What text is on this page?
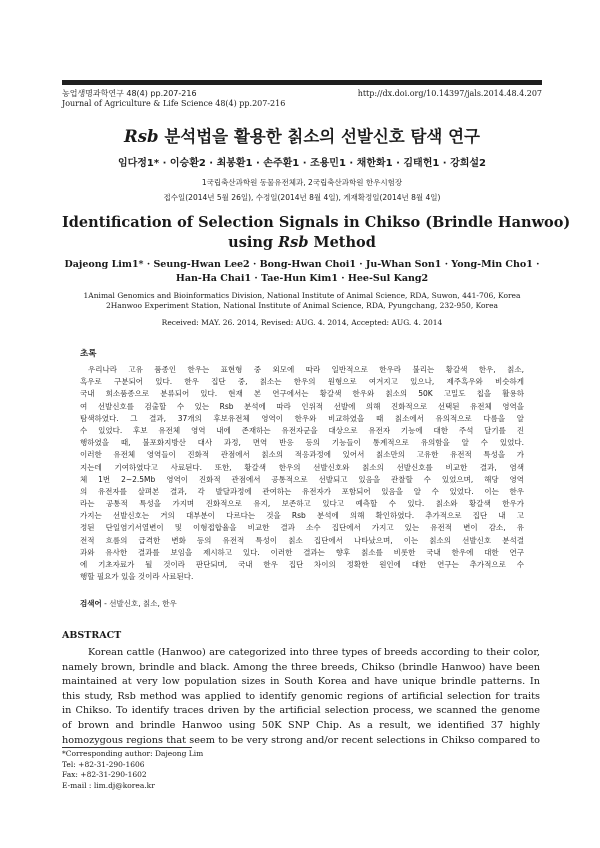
농업생명과학연구 48(4) pp.207-216	http://dx.doi.org/10.14397/jals.2014.48.4.207
Journal of Agriculture & Life Science 48(4) pp.207-216
Rsb 분석법을 활용한 칡소의 선발신호 탐색 연구
임다정1* · 이승환2 · 최봉환1 · 손주환1 · 조용민1 · 채한화1 · 김태헌1 · 강희설2
1국립축산과학원 동물유전체과, 2국립축산과학원 한우시험장
접수일(2014년 5월 26일), 수정일(2014년 8월 4일), 게재확정일(2014년 8월 4일)
Identification of Selection Signals in Chikso (Brindle Hanwoo)
using Rsb Method
Dajeong Lim1* · Seung-Hwan Lee2 · Bong-Hwan Choi1 · Ju-Whan Son1 · Yong-Min Cho1 ·
Han-Ha Chai1 · Tae-Hun Kim1 · Hee-Sul Kang2
1Animal Genomics and Bioinformatics Division, National Institute of Animal Science, RDA, Suwon, 441-706, Korea
2Hanwoo Experiment Station, National Institute of Animal Science, RDA, Pyungchang, 232-950, Korea
Received: MAY. 26. 2014, Revised: AUG. 4. 2014, Accepted: AUG. 4. 2014
초록
우리나라 고유 품종인 한우는 표현형 중 외모에 따라 일반적으로 한우라 불리는 황갈색 한우, 칡소,
흑우로 구분되어 있다. 한우 집단 중, 칡소는 한우의 원형으로 여겨지고 있으나, 제주흑우와 비슷하게
국내 희소품종으로 분류되어 있다. 현재 본 연구에서는 황갈색 한우와 칡소의 50K 고밀도 칩을 활용하
여 선발신호를 검출할 수 있는 Rsb 분석에 따라 인위적 선발에 의해 진화적으로 선택된 유전체 영역을
탐색하였다. 그 결과, 37개의 후보유전체 영역이 한우와 비교하였을 때 칡소에서 유의적으로 다름을 알
수 있었다. 후보 유전체 영역 내에 존재하는 유전자군을 대상으로 유전자 기능에 대한 주석 달기를 진
행하였을 때, 불포화지방산 대사 과정, 면역 반응 등의 기능들이 통계적으로 유의함을 알 수 있었다.
이러한 유전체 영역들이 진화적 관점에서 칡소의 적응과정에 있어서 칡소만의 고유한 유전적 특성을 가
지는데 기여하였다고 사료된다. 또한, 황갈색 한우의 선발신호와 칡소의 선발신호를 비교한 결과, 염색
체 1번 2~2.5Mb 영역이 진화적 관점에서 공통적으로 선발되고 있음을 관찰할 수 있었으며, 해당 영역
의 유전자를 살펴본 결과, 각 발달과정에 관여하는 유전자가 포함되어 있음을 알 수 있었다. 이는 한우
라는 공통적 특성을 가지며 진화적으로 유지, 보존하고 있다고 예측할 수 있다. 칡소와 황갈색 한우가
가지는 선발신호는 거의 대부분이 다르다는 것을 Rsb 분석에 의해 확인하였다. 추가적으로 집단 내 고
정된 단일염기서열변이 및 이형접합율을 비교한 결과 소수 집단에서 가지고 있는 유전적 변이 감소, 유
전적 흐름의 급격한 변화 등의 유전적 특성이 칡소 집단에서 나타났으며, 이는 칡소의 선발신호 분석결
과와 유사한 결과를 보임을 제시하고 있다. 이러한 결과는 향후 칡소를 비롯한 국내 한우에 대한 연구
에 기초자료가 될 것이라 판단되며, 국내 한우 집단 차이의 정확한 원인에 대한 연구는 추가적으로 수
행할 필요가 있을 것이라 사료된다.
검색어 - 선발신호, 칡소, 한우
ABSTRACT
Korean cattle (Hanwoo) are categorized into three types of breeds according to their color,
namely brown, brindle and black. Among the three breeds, Chikso (brindle Hanwoo) have been
maintained at very low population sizes in South Korea and have unique brindle patterns. In
this study, Rsb method was applied to identify genomic regions of artificial selection for traits
in Chikso. To identify traces driven by the artificial selection process, we scanned the genome
of brown and brindle Hanwoo using 50K SNP Chip. As a result, we identified 37 highly
homozygous regions that seem to be very strong and/or recent selections in Chikso compared to
*Corresponding author: Dajeong Lim
Tel: +82-31-290-1606
Fax: +82-31-290-1602
E-mail : lim.dj@korea.kr
